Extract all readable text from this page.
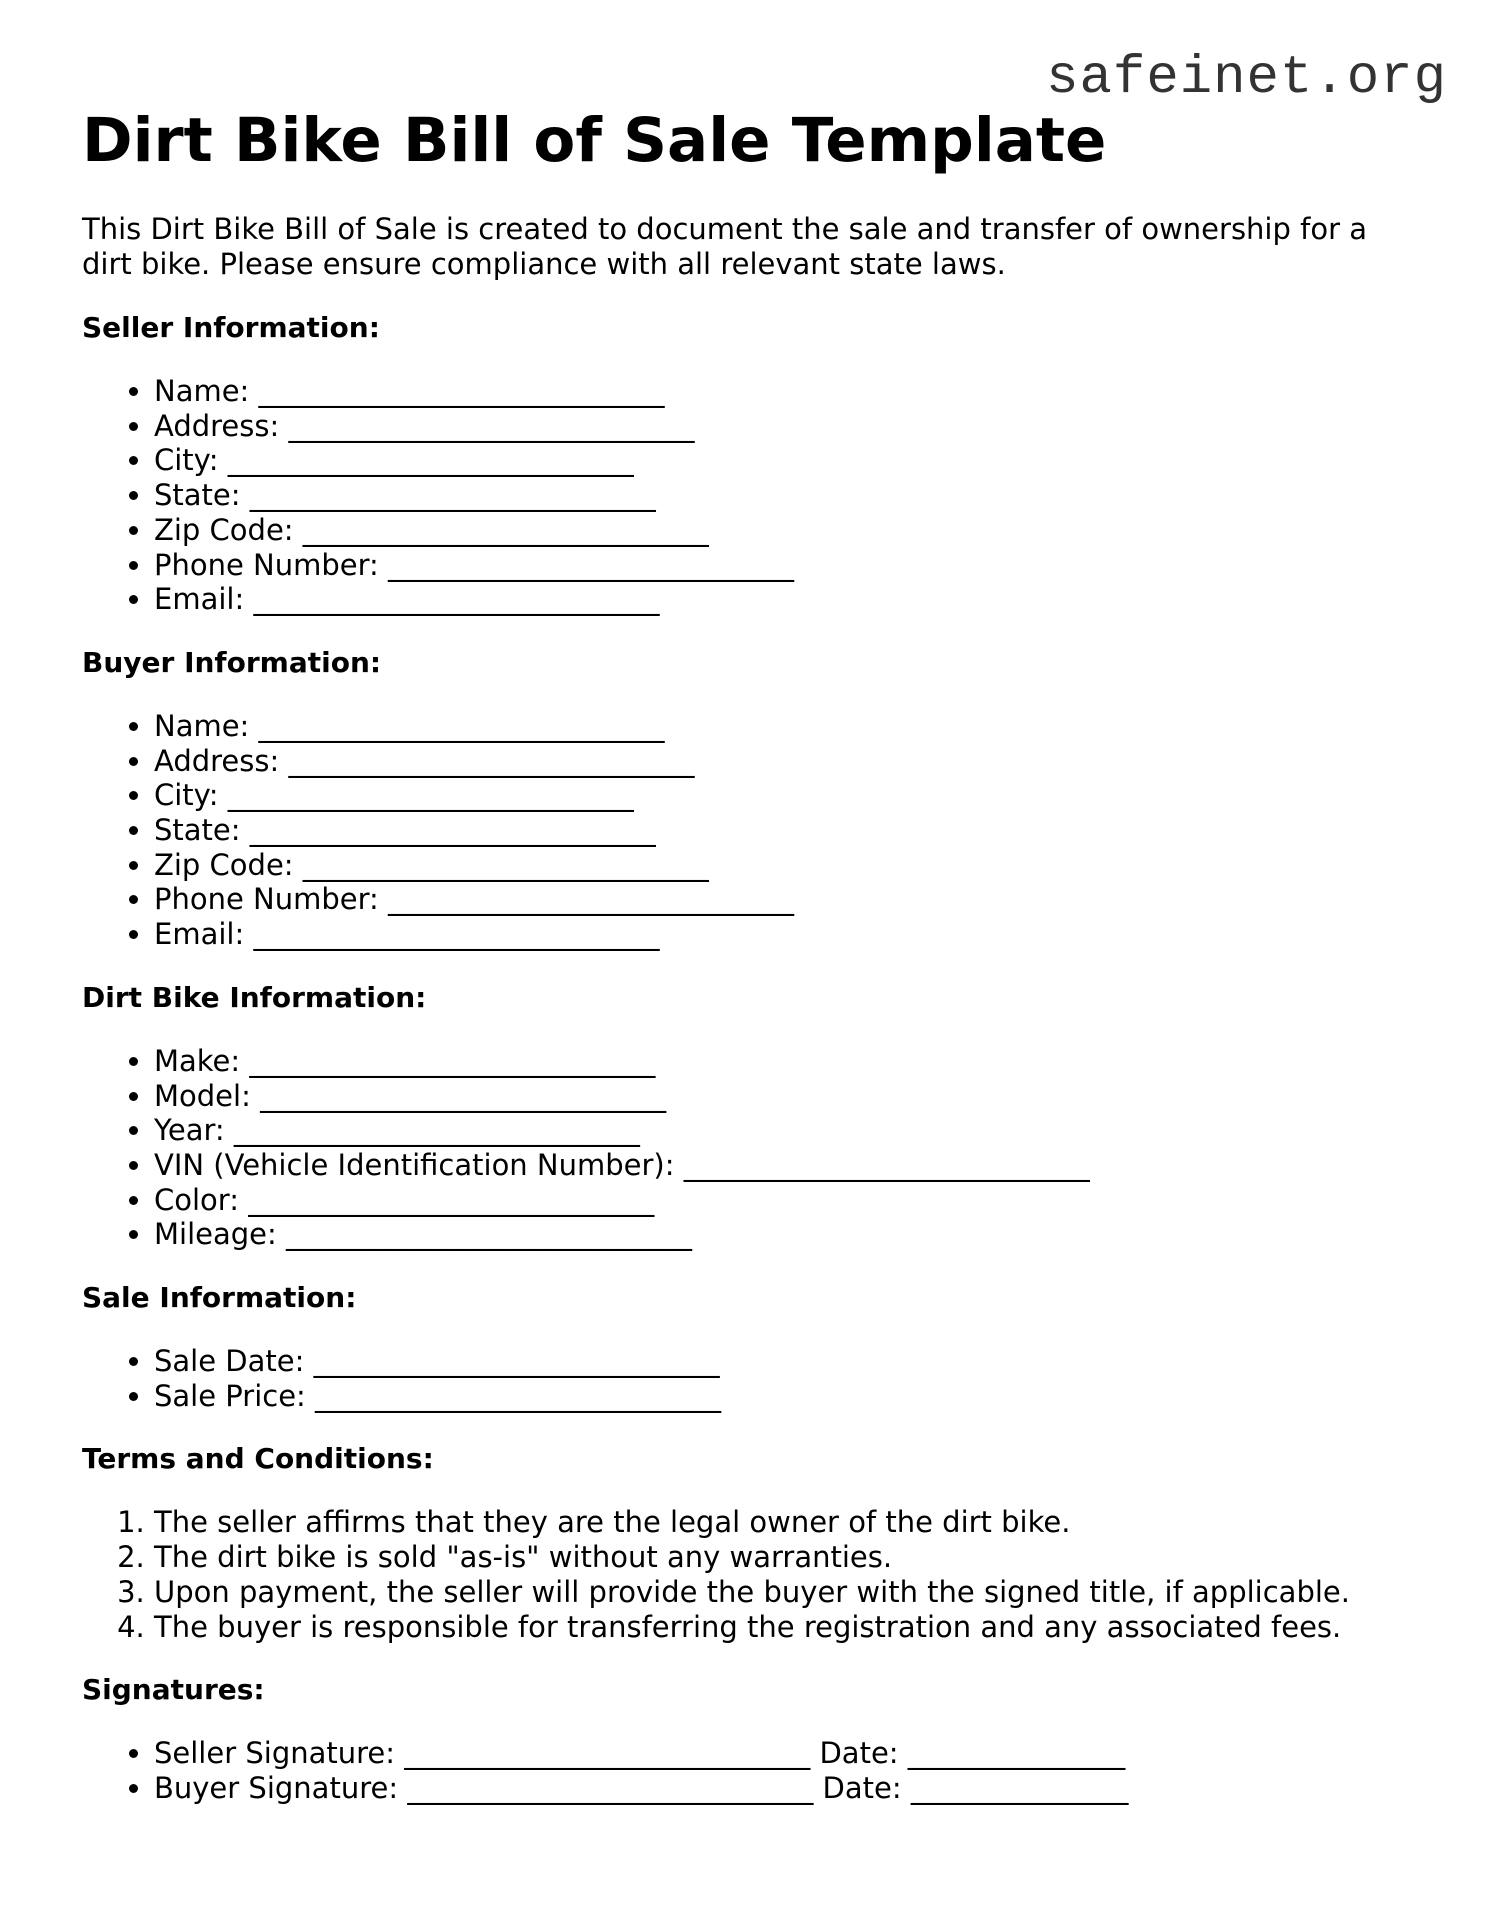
safeinet.org
Dirt Bike Bill of Sale Template

This Dirt Bike Bill of Sale is created to document the sale and transfer of ownership for a dirt bike. Please ensure compliance with all relevant state laws.

Seller Information:
• Name: ____________________________
• Address: ____________________________
• City: ____________________________
• State: ____________________________
• Zip Code: ____________________________
• Phone Number: ____________________________
• Email: ____________________________
Buyer Information:
• Name: ____________________________
• Address: ____________________________
• City: ____________________________
• State: ____________________________
• Zip Code: ____________________________
• Phone Number: ____________________________
• Email: ____________________________
Dirt Bike Information:
• Make: ____________________________
• Model: ____________________________
• Year: ____________________________
• VIN (Vehicle Identification Number): ____________________________
• Color: ____________________________
• Mileage: ____________________________
Sale Information:
• Sale Date: ____________________________
• Sale Price: ____________________________
Terms and Conditions:
1. The seller affirms that they are the legal owner of the dirt bike.
2. The dirt bike is sold "as-is" without any warranties.
3. Upon payment, the seller will provide the buyer with the signed title, if applicable.
4. The buyer is responsible for transferring the registration and any associated fees.
Signatures:
• Seller Signature: ____________________________ Date: _______________
• Buyer Signature: ____________________________ Date: _______________
